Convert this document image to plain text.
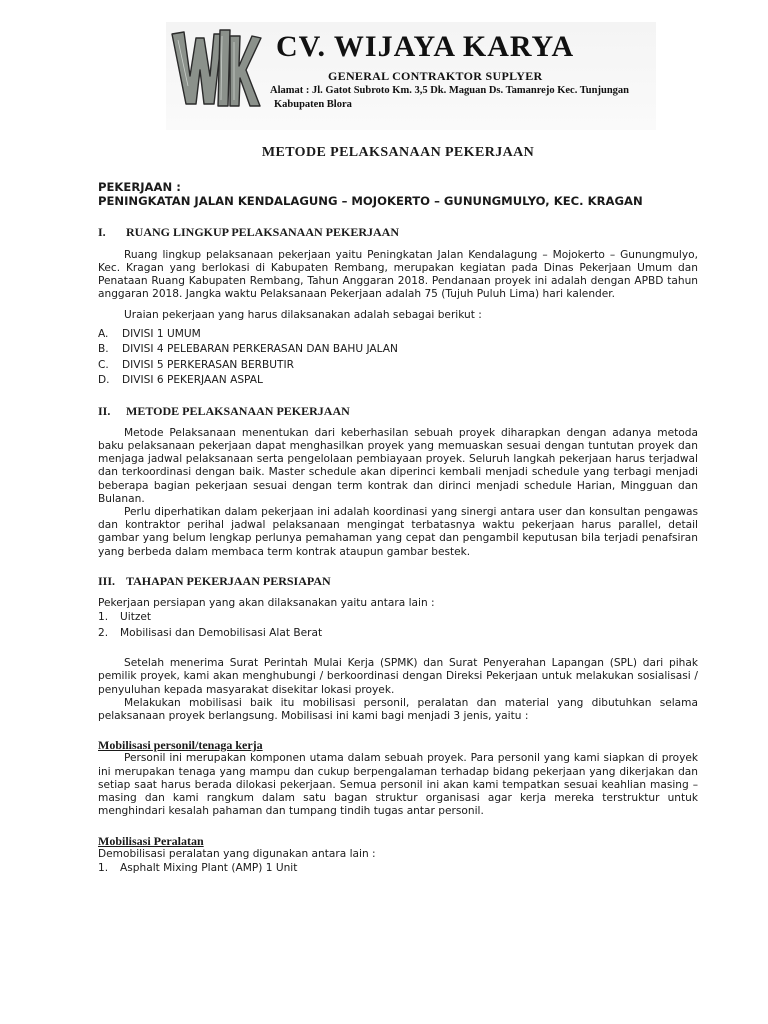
CV. WIJAYA KARYA
GENERAL CONTRAKTOR SUPLYER
Alamat : Jl. Gatot Subroto Km. 3,5 Dk. Maguan Ds. Tamanrejo Kec. Tunjungan
Kabupaten Blora
METODE PELAKSANAAN PEKERJAAN
PEKERJAAN :
PENINGKATAN JALAN KENDALAGUNG – MOJOKERTO – GUNUNGMULYO, KEC. KRAGAN
I. RUANG LINGKUP PELAKSANAAN PEKERJAAN

Ruang lingkup pelaksanaan pekerjaan yaitu Peningkatan Jalan Kendalagung – Mojokerto – Gunungmulyo, Kec. Kragan yang berlokasi di Kabupaten Rembang, merupakan kegiatan pada Dinas Pekerjaan Umum dan Penataan Ruang Kabupaten Rembang, Tahun Anggaran 2018. Pendanaan proyek ini adalah dengan APBD tahun anggaran 2018. Jangka waktu Pelaksanaan Pekerjaan adalah 75 (Tujuh Puluh Lima) hari kalender.

Uraian pekerjaan yang harus dilaksanakan adalah sebagai berikut :

A.	DIVISI 1 UMUM
B.	DIVISI 4 PELEBARAN PERKERASAN DAN BAHU JALAN
C.	DIVISI 5 PERKERASAN BERBUTIR
D.	DIVISI 6 PEKERJAAN ASPAL
II. METODE PELAKSANAAN PEKERJAAN

Metode Pelaksanaan menentukan dari keberhasilan sebuah proyek diharapkan dengan adanya metoda baku pelaksanaan pekerjaan dapat menghasilkan proyek yang memuaskan sesuai dengan tuntutan proyek dan menjaga jadwal pelaksanaan serta pengelolaan pembiayaan proyek. Seluruh langkah pekerjaan harus terjadwal dan terkoordinasi dengan baik. Master schedule akan diperinci kembali menjadi schedule yang terbagi menjadi beberapa bagian pekerjaan sesuai dengan term kontrak dan dirinci menjadi schedule Harian, Mingguan dan Bulanan.

Perlu diperhatikan dalam pekerjaan ini adalah koordinasi yang sinergi antara user dan konsultan pengawas dan kontraktor perihal jadwal pelaksanaan mengingat terbatasnya waktu pekerjaan harus parallel, detail gambar yang belum lengkap perlunya pemahaman yang cepat dan pengambil keputusan bila terjadi penafsiran yang berbeda dalam membaca term kontrak ataupun gambar bestek.

III. TAHAPAN PEKERJAAN PERSIAPAN

Pekerjaan persiapan yang akan dilaksanakan yaitu antara lain :

1.	Uitzet
2.	Mobilisasi dan Demobilisasi Alat Berat

Setelah menerima Surat Perintah Mulai Kerja (SPMK) dan Surat Penyerahan Lapangan (SPL) dari pihak pemilik proyek, kami akan menghubungi / berkoordinasi dengan Direksi Pekerjaan untuk melakukan sosialisasi / penyuluhan kepada masyarakat disekitar lokasi proyek.

Melakukan mobilisasi baik itu mobilisasi personil, peralatan dan material yang dibutuhkan selama pelaksanaan proyek berlangsung. Mobilisasi ini kami bagi menjadi 3 jenis, yaitu :

Mobilisasi personil/tenaga kerja

Personil ini merupakan komponen utama dalam sebuah proyek. Para personil yang kami siapkan di proyek ini merupakan tenaga yang mampu dan cukup berpengalaman terhadap bidang pekerjaan yang dikerjakan dan setiap saat harus berada dilokasi pekerjaan. Semua personil ini akan kami tempatkan sesuai keahlian masing – masing dan kami rangkum dalam satu bagan struktur organisasi agar kerja mereka terstruktur untuk menghindari kesalah pahaman dan tumpang tindih tugas antar personil.

Mobilisasi Peralatan

Demobilisasi peralatan yang digunakan antara lain :

1.	Asphalt Mixing Plant (AMP) 1 Unit
